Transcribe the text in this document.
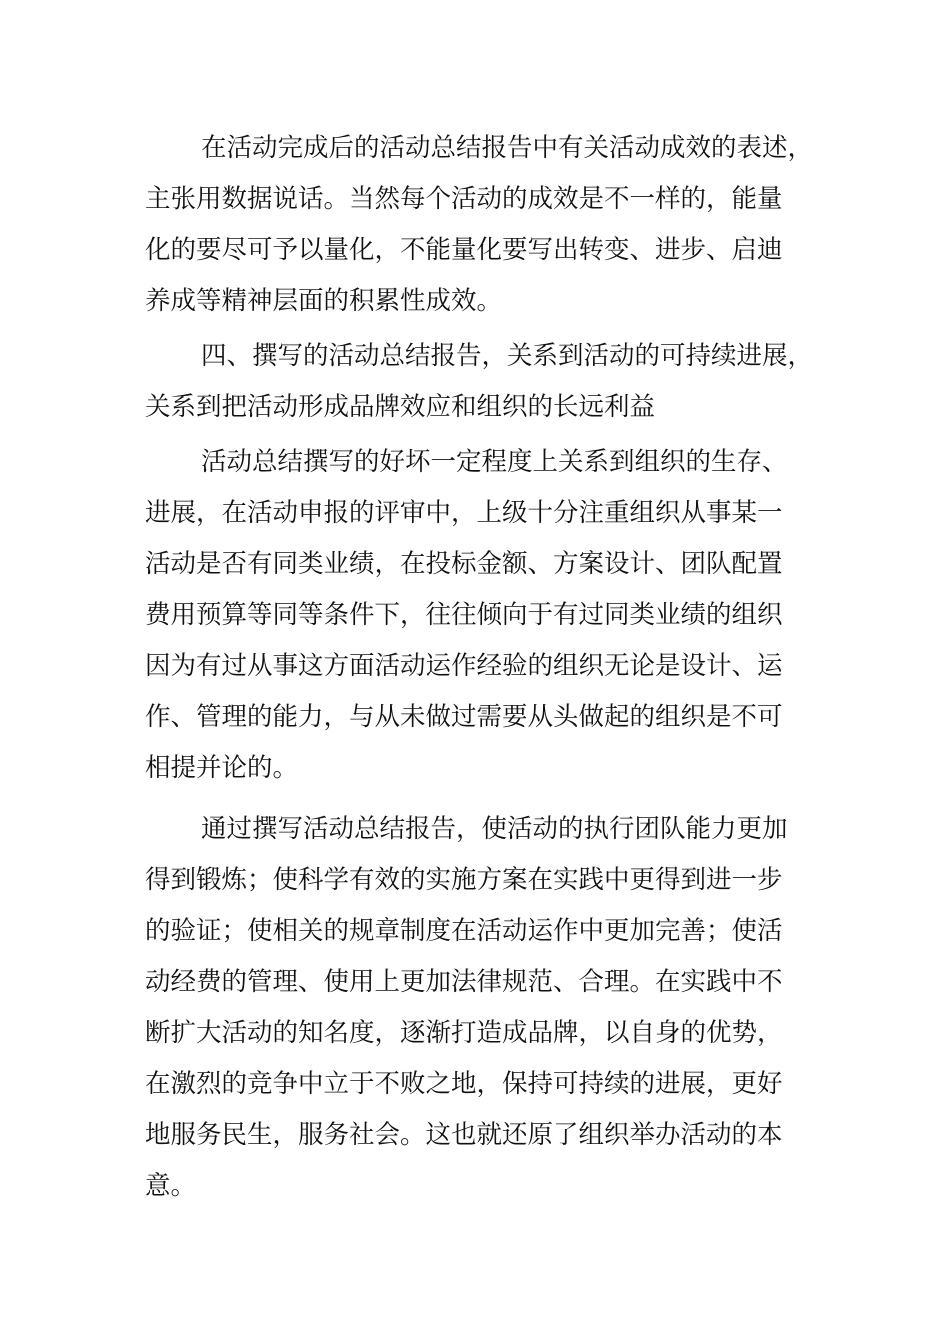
在活动完成后的活动总结报告中有关活动成效的表述，
主张用数据说话。当然每个活动的成效是不一样的，能量
化的要尽可予以量化，不能量化要写出转变、进步、启迪
养成等精神层面的积累性成效。
四、撰写的活动总结报告，关系到活动的可持续进展，
关系到把活动形成品牌效应和组织的长远利益
活动总结撰写的好坏一定程度上关系到组织的生存、
进展，在活动申报的评审中，上级十分注重组织从事某一
活动是否有同类业绩，在投标金额、方案设计、团队配置
费用预算等同等条件下，往往倾向于有过同类业绩的组织
因为有过从事这方面活动运作经验的组织无论是设计、运
作、管理的能力，与从未做过需要从头做起的组织是不可
相提并论的。
通过撰写活动总结报告，使活动的执行团队能力更加
得到锻炼；使科学有效的实施方案在实践中更得到进一步
的验证；使相关的规章制度在活动运作中更加完善；使活
动经费的管理、使用上更加法律规范、合理。在实践中不
断扩大活动的知名度，逐渐打造成品牌，以自身的优势，
在激烈的竞争中立于不败之地，保持可持续的进展，更好
地服务民生，服务社会。这也就还原了组织举办活动的本
意。
